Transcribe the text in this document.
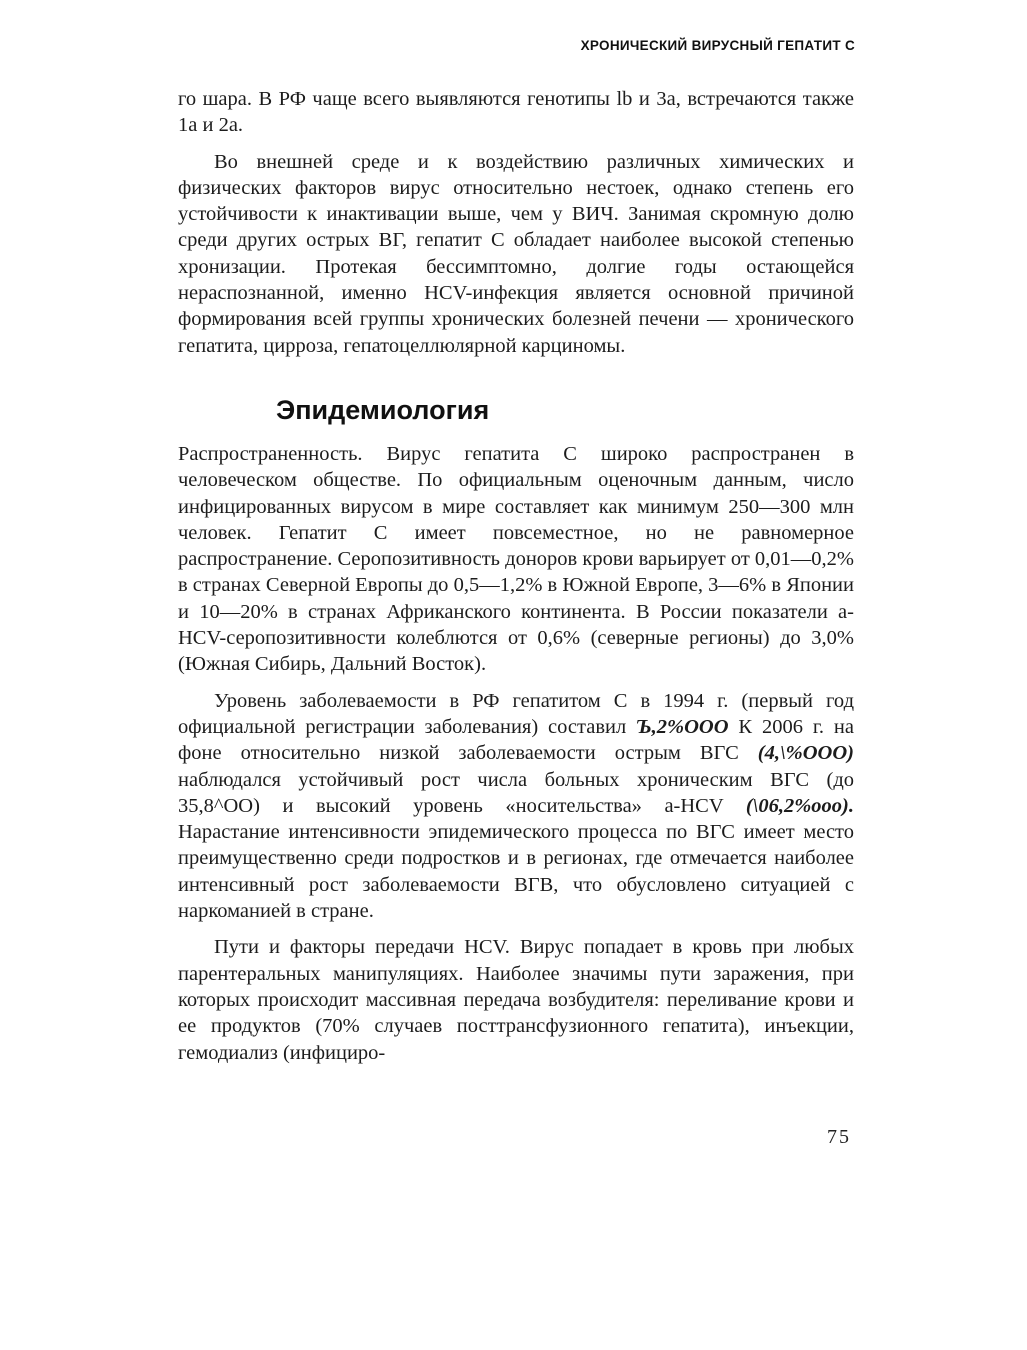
ХРОНИЧЕСКИЙ ВИРУСНЫЙ ГЕПАТИТ С

го шара. В РФ чаще всего выявляются генотипы lb и 3а, встречаются также 1а и 2а.

Во внешней среде и к воздействию различных химических и физических факторов вирус относительно нестоек, однако степень его устойчивости к инактивации выше, чем у ВИЧ. Занимая скромную долю среди других острых ВГ, гепатит С обладает наиболее высокой степенью хронизации. Протекая бессимптомно, долгие годы остающейся нераспознанной, именно HCV-инфекция является основной причиной формирования всей группы хронических болезней печени — хронического гепатита, цирроза, гепатоцеллюлярной карциномы.

Эпидемиология

Распространенность. Вирус гепатита С широко распространен в человеческом обществе. По официальным оценочным данным, число инфицированных вирусом в мире составляет как минимум 250—300 млн человек. Гепатит С имеет повсеместное, но не равномерное распространение. Серопозитивность доноров крови варьирует от 0,01—0,2% в странах Северной Европы до 0,5—1,2% в Южной Европе, 3—6% в Японии и 10—20% в странах Африканского континента. В России показатели a-HCV-серопозитивности колеблются от 0,6% (северные регионы) до 3,0% (Южная Сибирь, Дальний Восток).

Уровень заболеваемости в РФ гепатитом С в 1994 г. (первый год официальной регистрации заболевания) составил Ъ,2%ООО К 2006 г. на фоне относительно низкой заболеваемости острым ВГС (4,\%ООО) наблюдался устойчивый рост числа больных хроническим ВГС (до 35,8^ОО) и высокий уровень «носительства» a-HCV (\06,2%ооо). Нарастание интенсивности эпидемического процесса по ВГС имеет место преимущественно среди подростков и в регионах, где отмечается наиболее интенсивный рост заболеваемости ВГВ, что обусловлено ситуацией с наркоманией в стране.

Пути и факторы передачи HCV. Вирус попадает в кровь при любых парентеральных манипуляциях. Наиболее значимы пути заражения, при которых происходит массивная передача возбудителя: переливание крови и ее продуктов (70% случаев посттрансфузионного гепатита), инъекции, гемодиализ (инфициро-

75
